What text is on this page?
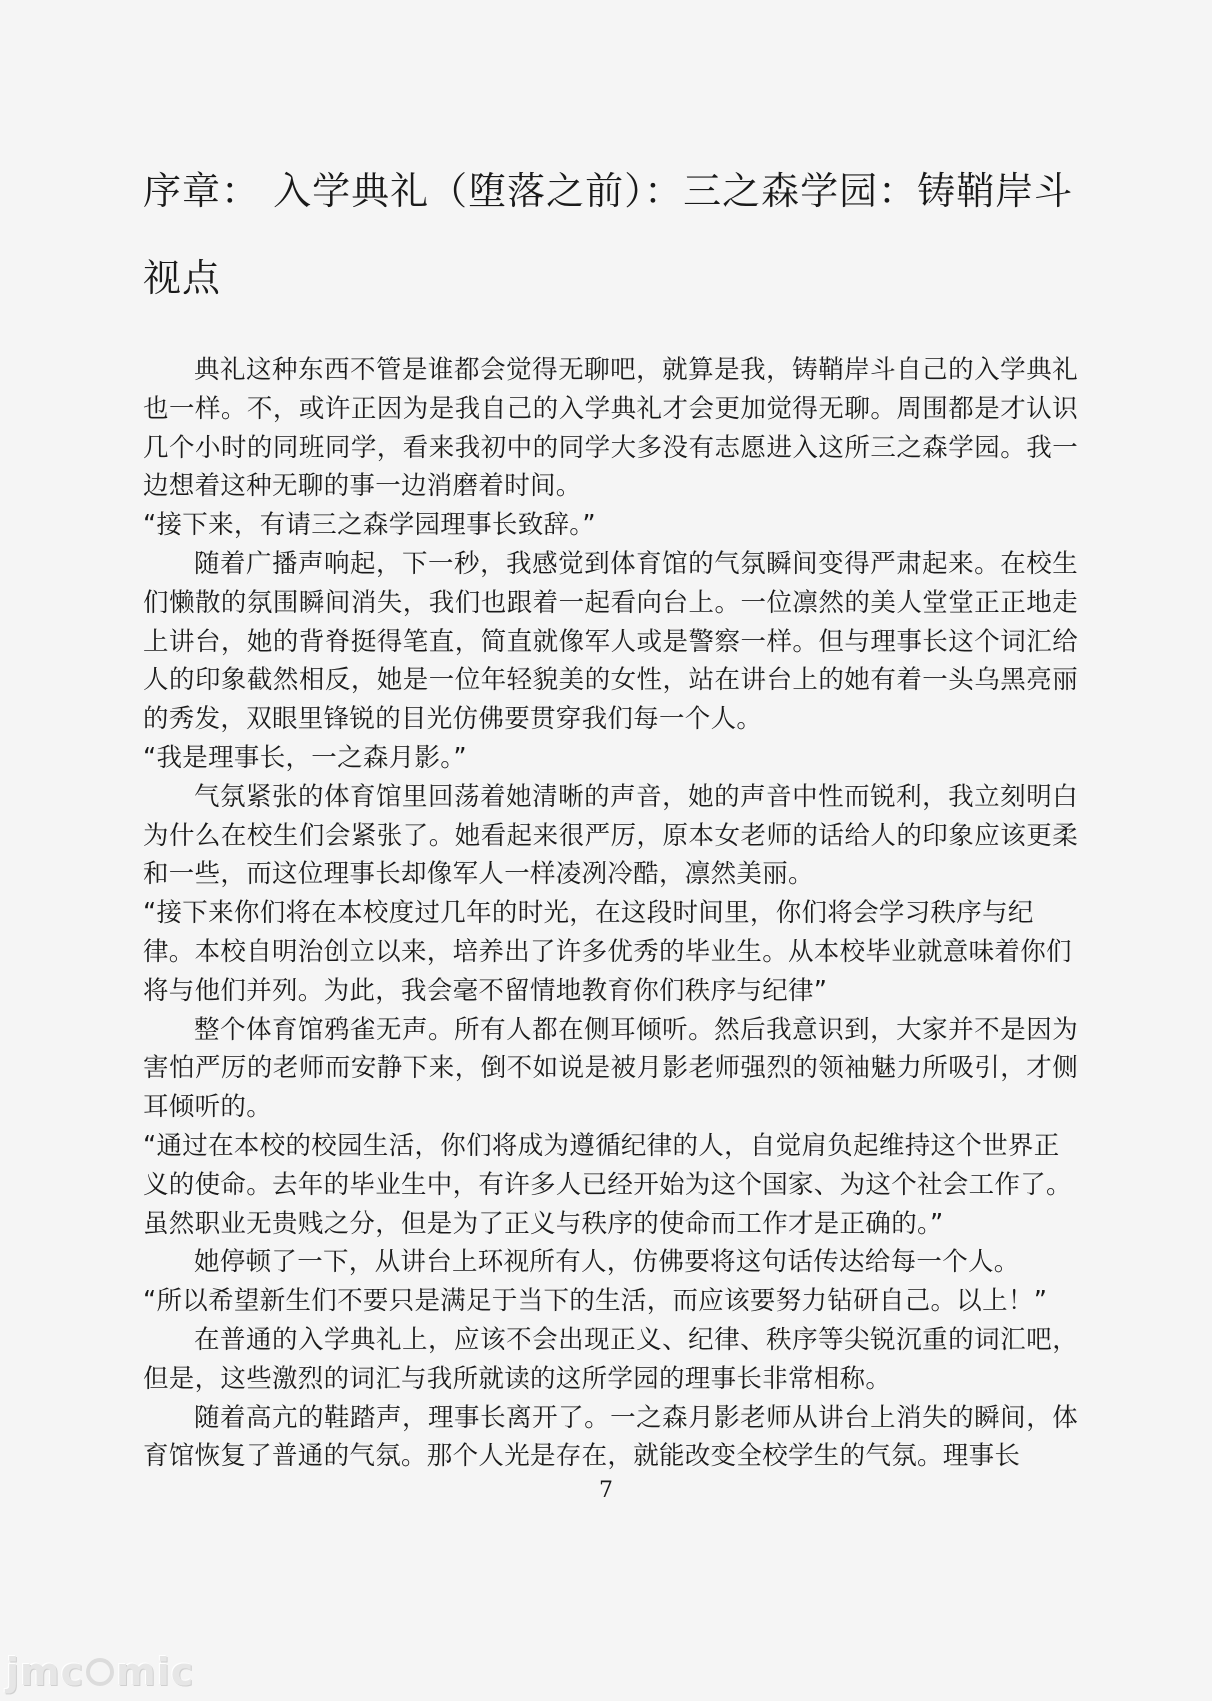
序章： 入学典礼（堕落之前）：三之森学园：铸鞘岸斗视点

典礼这种东西不管是谁都会觉得无聊吧，就算是我，铸鞘岸斗自己的入学典礼也一样。不，或许正因为是我自己的入学典礼才会更加觉得无聊。周围都是才认识几个小时的同班同学，看来我初中的同学大多没有志愿进入这所三之森学园。我一边想着这种无聊的事一边消磨着时间。

“接下来，有请三之森学园理事长致辞。”

随着广播声响起，下一秒，我感觉到体育馆的气氛瞬间变得严肃起来。在校生们懒散的氛围瞬间消失，我们也跟着一起看向台上。一位凛然的美人堂堂正正地走上讲台，她的背脊挺得笔直，简直就像军人或是警察一样。但与理事长这个词汇给人的印象截然相反，她是一位年轻貌美的女性，站在讲台上的她有着一头乌黑亮丽的秀发，双眼里锋锐的目光仿佛要贯穿我们每一个人。

“我是理事长，一之森月影。”

气氛紧张的体育馆里回荡着她清晰的声音，她的声音中性而锐利，我立刻明白为什么在校生们会紧张了。她看起来很严厉，原本女老师的话给人的印象应该更柔和一些，而这位理事长却像军人一样凌冽冷酷，凛然美丽。

“接下来你们将在本校度过几年的时光，在这段时间里，你们将会学习秩序与纪律。本校自明治创立以来，培养出了许多优秀的毕业生。从本校毕业就意味着你们将与他们并列。为此，我会毫不留情地教育你们秩序与纪律”

整个体育馆鸦雀无声。所有人都在侧耳倾听。然后我意识到，大家并不是因为害怕严厉的老师而安静下来，倒不如说是被月影老师强烈的领袖魅力所吸引，才侧耳倾听的。

“通过在本校的校园生活，你们将成为遵循纪律的人，自觉肩负起维持这个世界正义的使命。去年的毕业生中，有许多人已经开始为这个国家、为这个社会工作了。虽然职业无贵贱之分，但是为了正义与秩序的使命而工作才是正确的。”

她停顿了一下，从讲台上环视所有人，仿佛要将这句话传达给每一个人。

“所以希望新生们不要只是满足于当下的生活，而应该要努力钻研自己。以上！”

在普通的入学典礼上，应该不会出现正义、纪律、秩序等尖锐沉重的词汇吧，但是，这些激烈的词汇与我所就读的这所学园的理事长非常相称。

随着高亢的鞋踏声，理事长离开了。一之森月影老师从讲台上消失的瞬间，体育馆恢复了普通的气氛。那个人光是存在，就能改变全校学生的气氛。理事长

7
jmc mic
